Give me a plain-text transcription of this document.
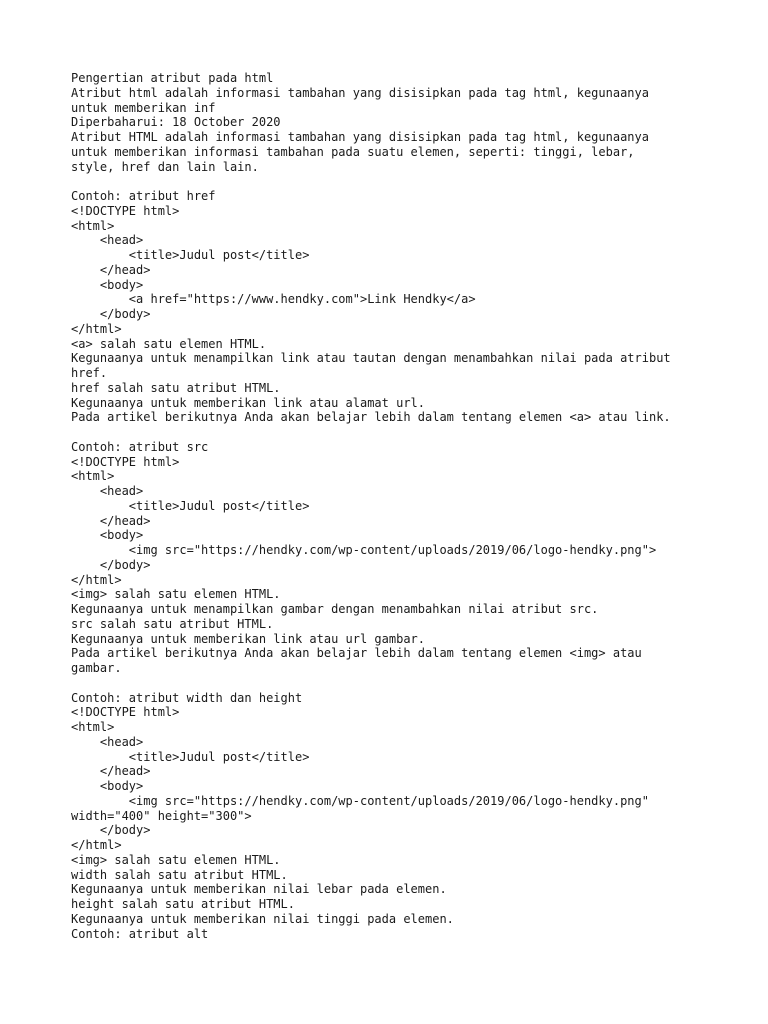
Pengertian atribut pada html
Atribut html adalah informasi tambahan yang disisipkan pada tag html, kegunaanya
untuk memberikan inf
Diperbaharui: 18 October 2020
Atribut HTML adalah informasi tambahan yang disisipkan pada tag html, kegunaanya
untuk memberikan informasi tambahan pada suatu elemen, seperti: tinggi, lebar,
style, href dan lain lain.
Contoh: atribut href
<!DOCTYPE html>
<html>
<head>
<title>Judul post</title>
</head>
<body>
<a href="https://www.hendky.com">Link Hendky</a>
</body>
</html>
<a> salah satu elemen HTML.
Kegunaanya untuk menampilkan link atau tautan dengan menambahkan nilai pada atribut
href.
href salah satu atribut HTML.
Kegunaanya untuk memberikan link atau alamat url.
Pada artikel berikutnya Anda akan belajar lebih dalam tentang elemen <a> atau link.
Contoh: atribut src
<!DOCTYPE html>
<html>
<head>
<title>Judul post</title>
</head>
<body>
<img src="https://hendky.com/wp-content/uploads/2019/06/logo-hendky.png">
</body>
</html>
<img> salah satu elemen HTML.
Kegunaanya untuk menampilkan gambar dengan menambahkan nilai atribut src.
src salah satu atribut HTML.
Kegunaanya untuk memberikan link atau url gambar.
Pada artikel berikutnya Anda akan belajar lebih dalam tentang elemen <img> atau
gambar.
Contoh: atribut width dan height
<!DOCTYPE html>
<html>
<head>
<title>Judul post</title>
</head>
<body>
<img src="https://hendky.com/wp-content/uploads/2019/06/logo-hendky.png"
width="400" height="300">
</body>
</html>
<img> salah satu elemen HTML.
width salah satu atribut HTML.
Kegunaanya untuk memberikan nilai lebar pada elemen.
height salah satu atribut HTML.
Kegunaanya untuk memberikan nilai tinggi pada elemen.
Contoh: atribut alt
